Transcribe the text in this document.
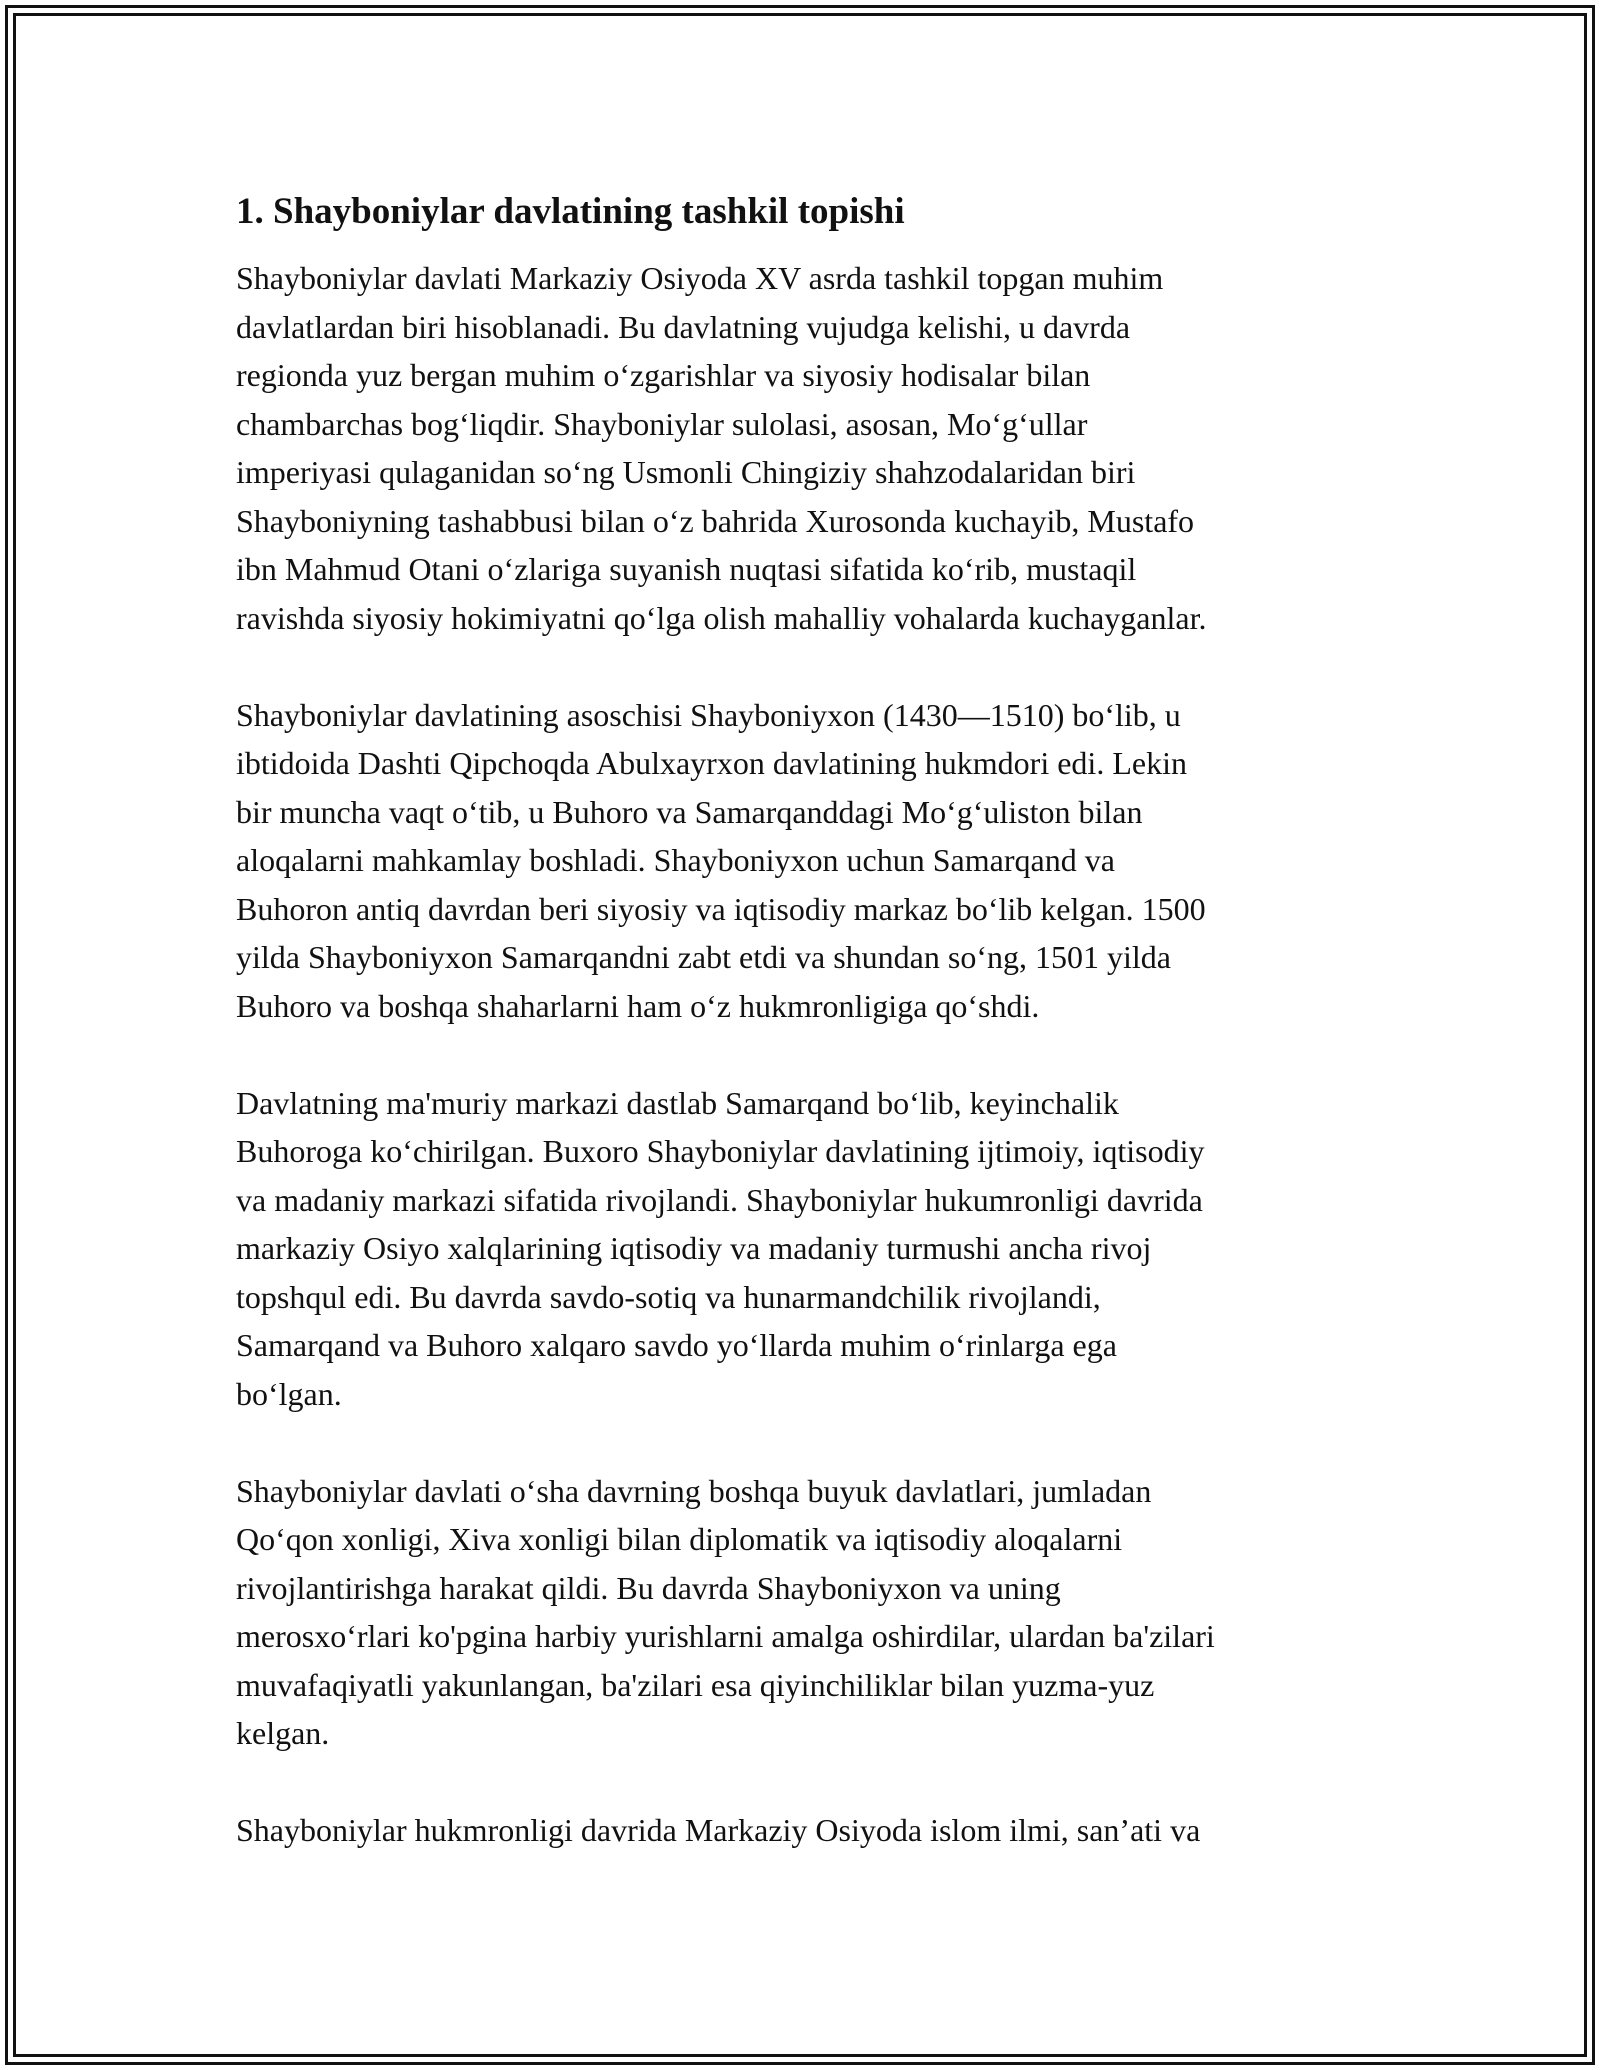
1. Shayboniylar davlatining tashkil topishi

Shayboniylar davlati Markaziy Osiyoda XV asrda tashkil topgan muhim
davlatlardan biri hisoblanadi. Bu davlatning vujudga kelishi, u davrda
regionda yuz bergan muhim oʻzgarishlar va siyosiy hodisalar bilan
chambarchas bogʻliqdir. Shayboniylar sulolasi, asosan, Moʻgʻullar
imperiyasi qulaganidan soʻng Usmonli Chingiziy shahzodalaridan biri
Shayboniyning tashabbusi bilan oʻz bahrida Xurosonda kuchayib, Mustafo
ibn Mahmud Otani oʻzlariga suyanish nuqtasi sifatida koʻrib, mustaqil
ravishda siyosiy hokimiyatni qoʻlga olish mahalliy vohalarda kuchayganlar.

Shayboniylar davlatining asoschisi Shayboniyxon (1430—1510) boʻlib, u
ibtidoida Dashti Qipchoqda Abulxayrxon davlatining hukmdori edi. Lekin
bir muncha vaqt oʻtib, u Buhoro va Samarqanddagi Moʻgʻuliston bilan
aloqalarni mahkamlay boshladi. Shayboniyxon uchun Samarqand va
Buhoron antiq davrdan beri siyosiy va iqtisodiy markaz boʻlib kelgan. 1500
yilda Shayboniyxon Samarqandni zabt etdi va shundan soʻng, 1501 yilda
Buhoro va boshqa shaharlarni ham oʻz hukmronligiga qoʻshdi.

Davlatning ma'muriy markazi dastlab Samarqand boʻlib, keyinchalik
Buhoroga koʻchirilgan. Buxoro Shayboniylar davlatining ijtimoiy, iqtisodiy
va madaniy markazi sifatida rivojlandi. Shayboniylar hukumronligi davrida
markaziy Osiyo xalqlarining iqtisodiy va madaniy turmushi ancha rivoj
topshqul edi. Bu davrda savdo-sotiq va hunarmandchilik rivojlandi,
Samarqand va Buhoro xalqaro savdo yoʻllarda muhim oʻrinlarga ega
boʻlgan.

Shayboniylar davlati oʻsha davrning boshqa buyuk davlatlari, jumladan
Qoʻqon xonligi, Xiva xonligi bilan diplomatik va iqtisodiy aloqalarni
rivojlantirishga harakat qildi. Bu davrda Shayboniyxon va uning
merosxoʻrlari ko'pgina harbiy yurishlarni amalga oshirdilar, ulardan ba'zilari
muvafaqiyatli yakunlangan, ba'zilari esa qiyinchiliklar bilan yuzma-yuz
kelgan.

Shayboniylar hukmronligi davrida Markaziy Osiyoda islom ilmi, san’ati va
